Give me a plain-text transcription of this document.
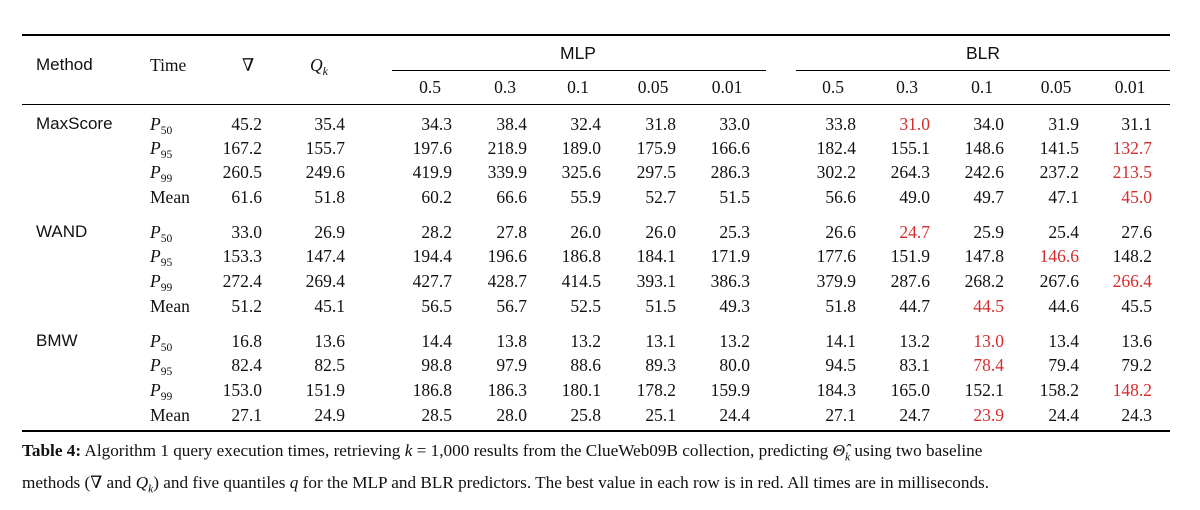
Method	Time	∇	$Q_k$
MLP	BLR
0.5	0.3	0.1	0.05	0.01	0.5	0.3	0.1	0.05	0.01
MaxScore $P_{50}$	45.2	35.4	34.3	38.4	32.4	31.8	33.0	33.8	31.0	34.0	31.9	31.1
$P_{95}$	167.2	155.7	197.6	218.9	189.0	175.9	166.6	182.4	155.1	148.6	141.5	132.7
$P_{99}$	260.5	249.6	419.9	339.9	325.6	297.5	286.3	302.2	264.3	242.6	237.2	213.5
Mean	61.6	51.8	60.2	66.6	55.9	52.7	51.5	56.6	49.0	49.7	47.1	45.0
WAND	$P_{50}$	33.0	26.9	28.2	27.8	26.0	26.0	25.3	26.6	24.7	25.9	25.4	27.6
$P_{95}$	153.3	147.4	194.4	196.6	186.8	184.1	171.9	177.6	151.9	147.8	146.6	148.2
$P_{99}$	272.4	269.4	427.7	428.7	414.5	393.1	386.3	379.9	287.6	268.2	267.6	266.4
Mean	51.2	45.1	56.5	56.7	52.5	51.5	49.3	51.8	44.7	44.5	44.6	45.5
BMW	$P_{50}$	16.8	13.6	14.4	13.8	13.2	13.1	13.2	14.1	13.2	13.0	13.4	13.6
$P_{95}$	82.4	82.5	98.8	97.9	88.6	89.3	80.0	94.5	83.1	78.4	79.4	79.2
$P_{99}$	153.0	151.9	186.8	186.3	180.1	178.2	159.9	184.3	165.0	152.1	158.2	148.2
Mean	27.1	24.9	28.5	28.0	25.8	25.1	24.4	27.1	24.7	23.9	24.4	24.3
Table 4: Algorithm 1 query execution times, retrieving k = 1,000 results from the ClueWeb09B collection, predicting $\Thetâ_k$ using two baseline
methods (∇ and $Q_k$) and five quantiles q for the MLP and BLR predictors. The best value in each row is in red. All times are in milliseconds.
